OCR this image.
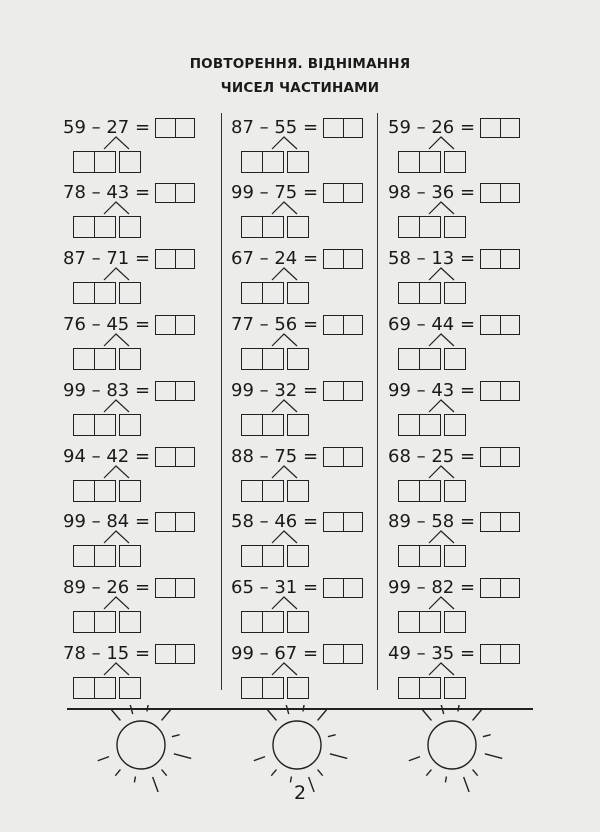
ПОВТОРЕННЯ. ВІДНІМАННЯ
ЧИСЕЛ ЧАСТИНАМИ
59 – 27 =
78 – 43 =
87 – 71 =
76 – 45 =
99 – 83 =
94 – 42 =
99 – 84 =
89 – 26 =
78 – 15 =
87 – 55 =
99 – 75 =
67 – 24 =
77 – 56 =
99 – 32 =
88 – 75 =
58 – 46 =
65 – 31 =
99 – 67 =
59 – 26 =
98 – 36 =
58 – 13 =
69 – 44 =
99 – 43 =
68 – 25 =
89 – 58 =
99 – 82 =
49 – 35 =
2
